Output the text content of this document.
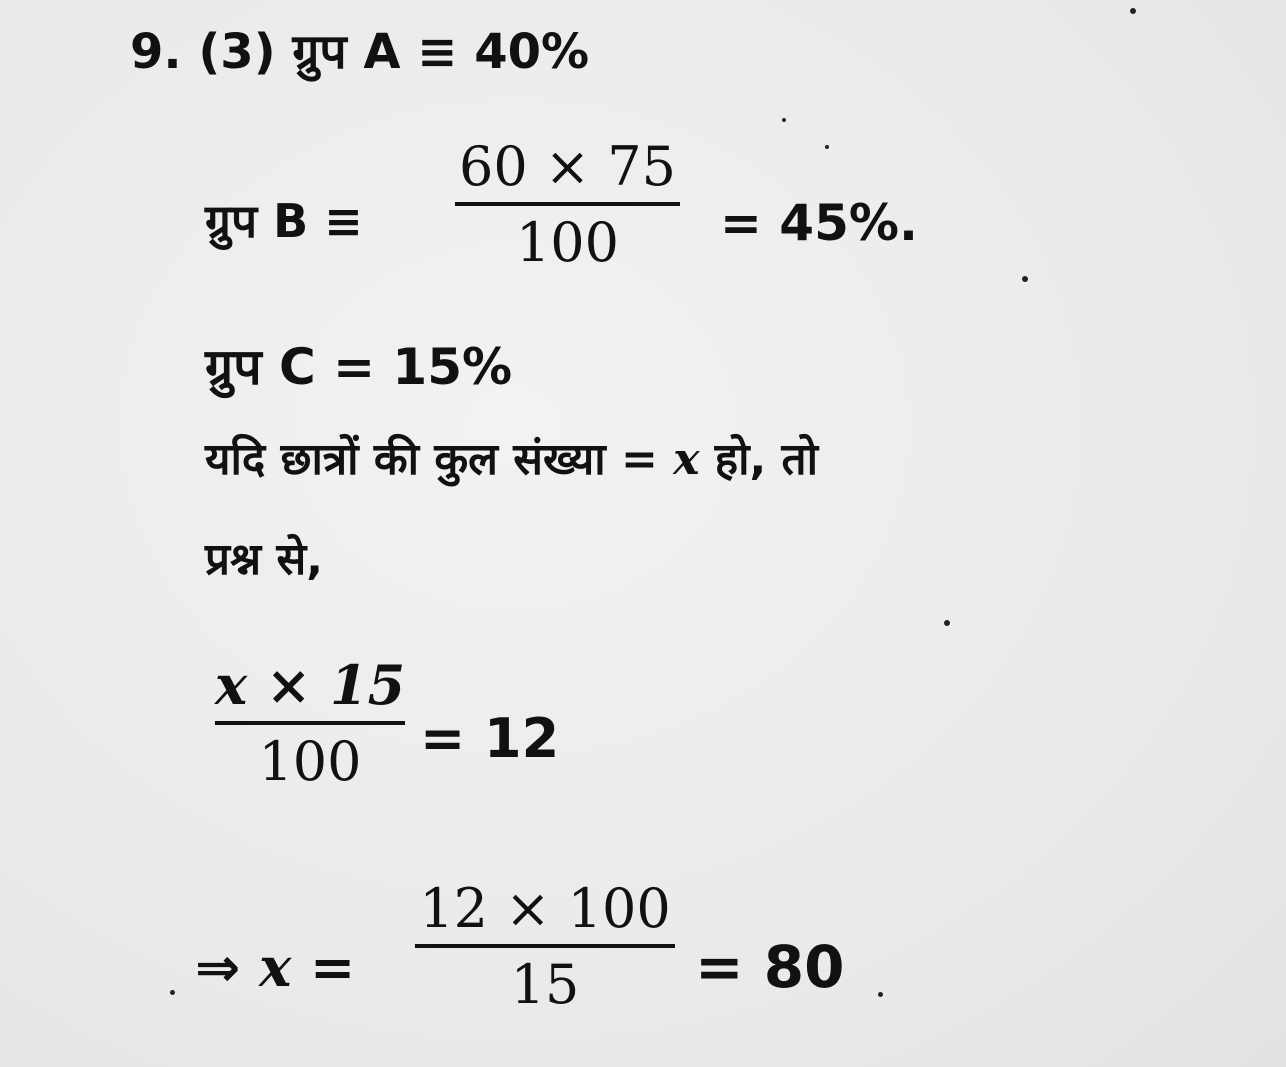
9. (3) ग्रुप A ≡ 40%
ग्रुप B ≡
60 × 75
100	= 45%.
ग्रुप C = 15%
यदि छात्रों की कुल संख्या = x हो, तो
प्रश्न से,
x × 15
100	= 12
⇒ x =
12 × 100
15	= 80
